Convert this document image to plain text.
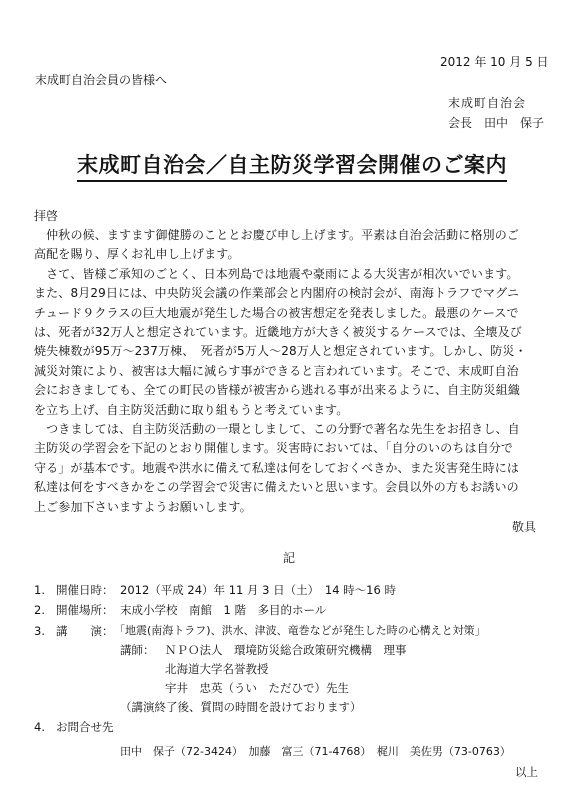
2012 年 10 月 5 日
末成町自治会員の皆様へ
末成町自治会
会長　田中　保子
末成町自治会／自主防災学習会開催のご案内
拝啓
　仲秋の候、ますます御健勝のこととお慶び申し上げます。平素は自治会活動に格別のご
高配を賜り、厚くお礼申し上げます。
　さて、皆様ご承知のごとく、日本列島では地震や豪雨による大災害が相次いでいます。
また、8月29日には、中央防災会議の作業部会と内閣府の検討会が、南海トラフでマグニ
チュード９クラスの巨大地震が発生した場合の被害想定を発表しました。最悪のケースで
は、死者が32万人と想定されています。近畿地方が大きく被災するケースでは、全壊及び
焼失棟数が95万〜237万棟、　死者が5万人〜28万人と想定されています。しかし、防災・
減災対策により、被害は大幅に減らす事ができると言われています。そこで、末成町自治
会におきましても、全ての町民の皆様が被害から逃れる事が出来るように、自主防災組織
を立ち上げ、自主防災活動に取り組もうと考えています。
　つきましては、自主防災活動の一環としまして、この分野で著名な先生をお招きし、自
主防災の学習会を下記のとおり開催します。災害時においては、「自分のいのちは自分で
守る」が基本です。地震や洪水に備えて私達は何をしておくべきか、また災害発生時には
私達は何をすべきかをこの学習会で災害に備えたいと思います。会員以外の方もお誘いの
上ご参加下さいますようお願いします。
敬具
記
1. 開催日時： 2012（平成 24）年 11 月 3 日（土）　14 時〜16 時
2. 開催場所： 末成小学校　南館　1 階　多目的ホール
3. 講　　演： 「地震(南海トラフ)、洪水、津波、竜巻などが発生した時の心構えと対策」
講師： ＮＰＯ法人　環境防災総合政策研究機構　理事
北海道大学名誉教授
宇井　忠英（うい　ただひで）先生
（講演終了後、質問の時間を設けております）
4. お問合せ先
田中　保子（72-3424）　加藤　富三（71-4768）　梶川　美佐男（73-0763）
以上
